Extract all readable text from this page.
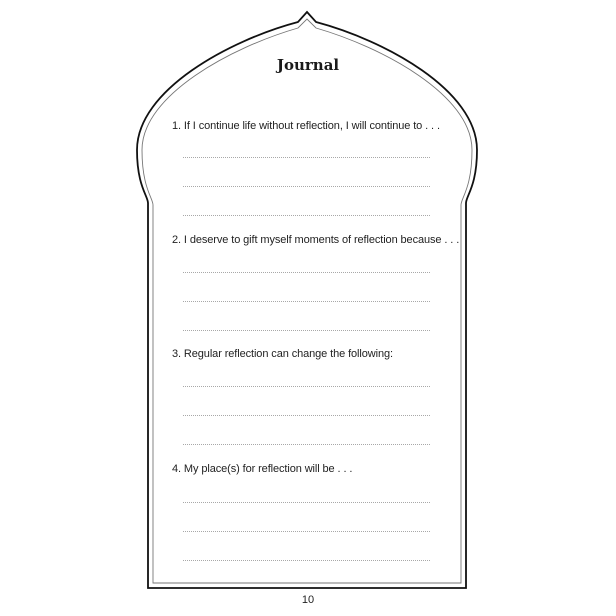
Journal
1. If I continue life without reflection, I will continue to . . .
2. I deserve to gift myself moments of reflection because . . .
3. Regular reflection can change the following:
4. My place(s) for reflection will be . . .
10
